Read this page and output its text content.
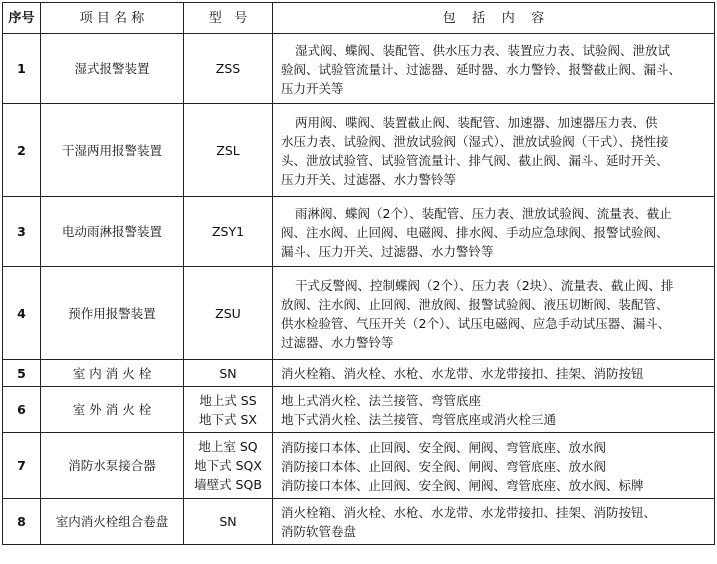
序号	项 目 名 称	型   号	包    括    内    容
1	湿式报警装置	ZSS	湿式阀、蝶阀、装配管、供水压力表、装置应力表、试验阀、泄放试
验阀、试验管流量计、过滤器、延时器、水力警铃、报警截止阀、漏斗、
压力开关等

2	干湿两用报警装置	ZSL	两用阀、喋阀、装置截止阀、装配管、加速器、加速器压力表、供
水压力表、试验阀、泄放试验阀（湿式）、泄放试验阀（干式）、挠性接
头、泄放试验管、试验管流量计、排气阀、截止阀、漏斗、延时开关、
压力开关、过滤器、水力警铃等

3	电动雨淋报警装置	ZSY1	雨淋阀、蝶阀（2个）、装配管、压力表、泄放试验阀、流量表、截止
阀、注水阀、止回阀、电磁阀、排水阀、手动应急球阀、报警试验阀、
漏斗、压力开关、过滤器、水力警铃等

4	预作用报警装置	ZSU	干式反警阀、控制蝶阀（2个）、压力表（2块）、流量表、截止阀、排
放阀、注水阀、止回阀、泄放阀、报警试验阀、液压切断阀、装配管、
供水检验管、气压开关（2个）、试压电磁阀、应急手动试压器、漏斗、
过滤器、水力警铃等

5	室 内 消 火 栓	SN	消火栓箱、消火栓、水枪、水龙带、水龙带接扣、挂架、消防按钮

6	室 外 消 火 栓	地上式 SS
地下式 SX	地上式消火栓、法兰接管、弯管底座
地下式消火栓、法兰接管、弯管底座或消火栓三通

7	消防水泵接合器	地上室 SQ
地下式 SQX
墙壁式 SQB	消防接口本体、止回阀、安全阀、闸阀、弯管底座、放水阀
消防接口本体、止回阀、安全阀、闸阀、弯管底座、放水阀
消防接口本体、止回阀、安全阀、闸阀、弯管底座、放水阀、标牌

8	室内消火栓组合卷盘	SN	消火栓箱、消火栓、水枪、水龙带、水龙带接扣、挂架、消防按钮、
消防软管卷盘
